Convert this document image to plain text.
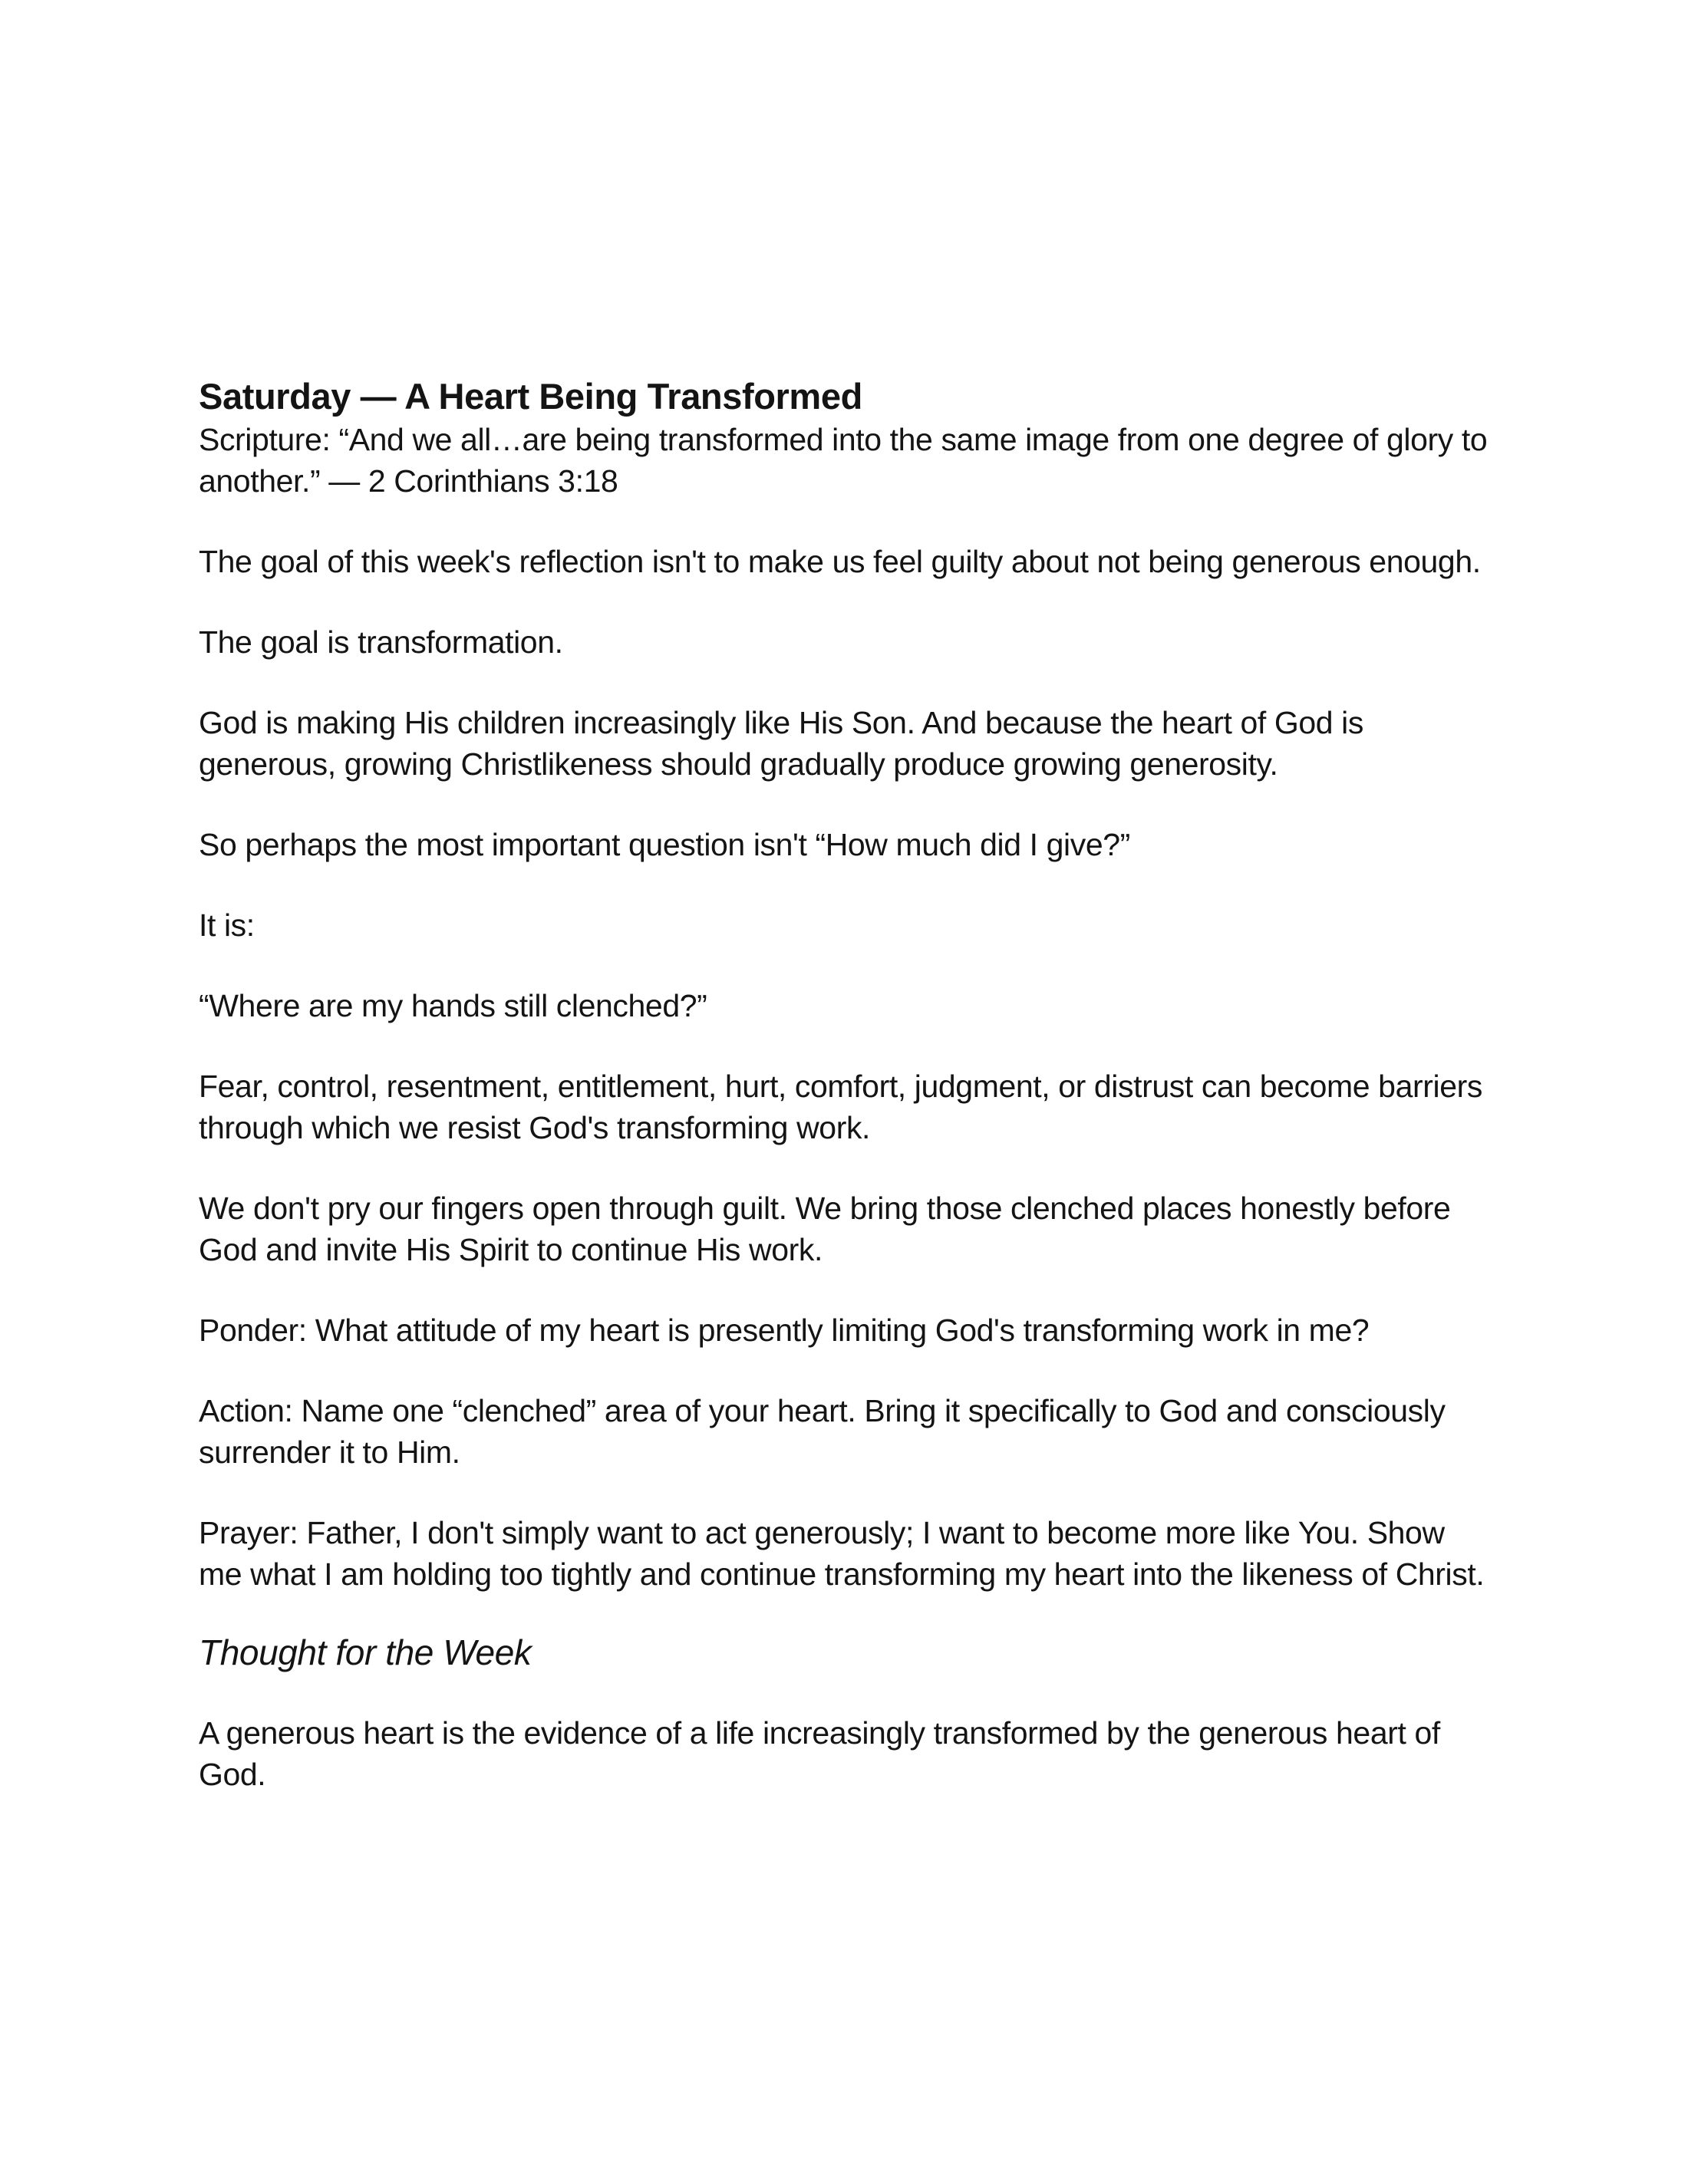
Saturday — A Heart Being Transformed

Scripture: “And we all…are being transformed into the same image from one degree of glory to another.” — 2 Corinthians 3:18

The goal of this week's reflection isn't to make us feel guilty about not being generous enough.

The goal is transformation.

God is making His children increasingly like His Son. And because the heart of God is generous, growing Christlikeness should gradually produce growing generosity.

So perhaps the most important question isn't “How much did I give?”

It is:

“Where are my hands still clenched?”

Fear, control, resentment, entitlement, hurt, comfort, judgment, or distrust can become barriers through which we resist God's transforming work.

We don't pry our fingers open through guilt. We bring those clenched places honestly before God and invite His Spirit to continue His work.

Ponder: What attitude of my heart is presently limiting God's transforming work in me?

Action: Name one “clenched” area of your heart. Bring it specifically to God and consciously surrender it to Him.

Prayer: Father, I don't simply want to act generously; I want to become more like You. Show me what I am holding too tightly and continue transforming my heart into the likeness of Christ.

Thought for the Week

A generous heart is the evidence of a life increasingly transformed by the generous heart of God.
